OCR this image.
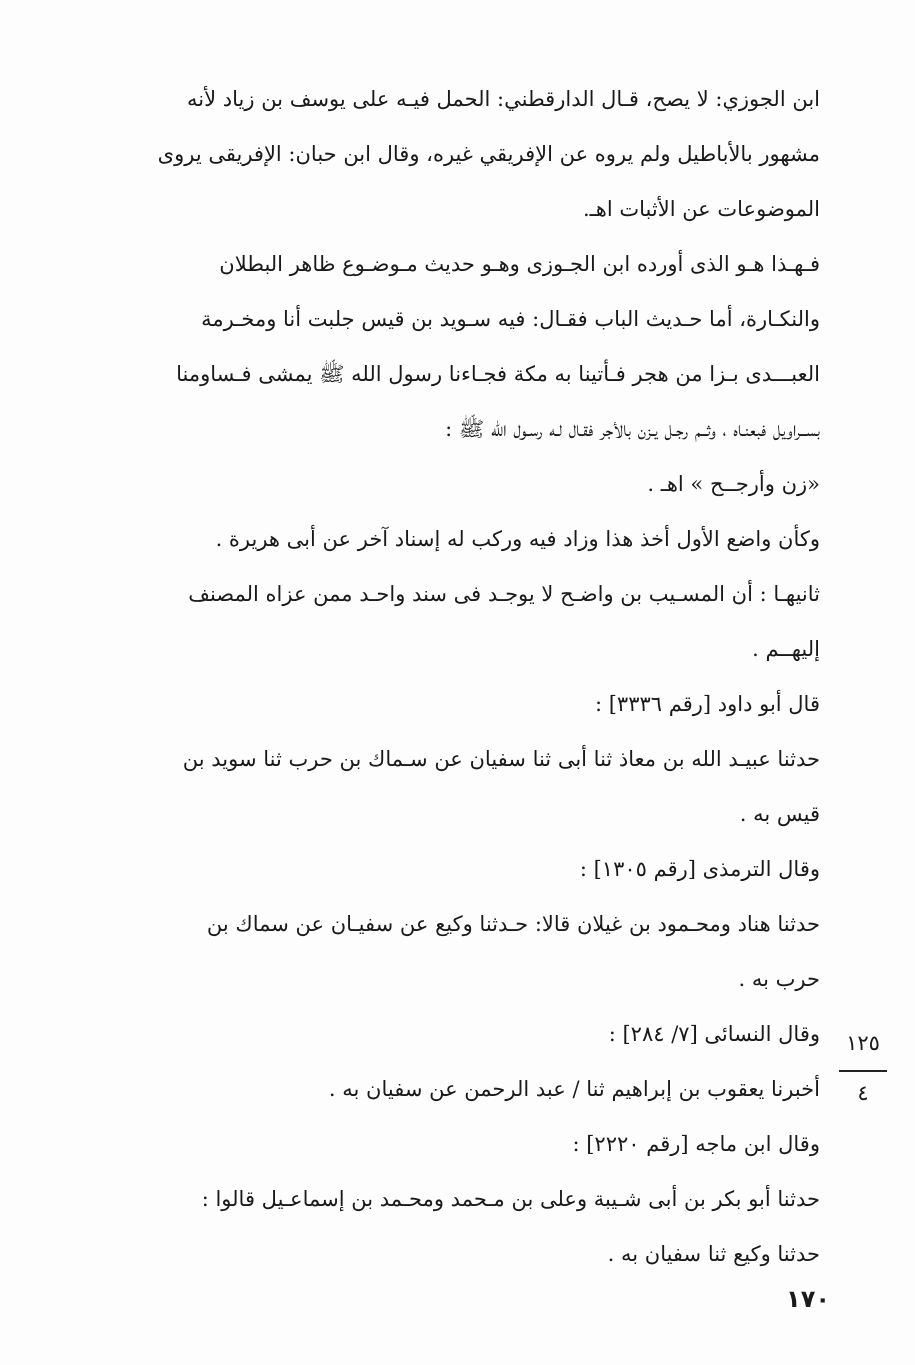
ابن الجوزي: لا يصح، قـال الدارقطني: الحمل فيـه على يوسف بن زياد لأنه
مشهور بالأباطيل ولم يروه عن الإفريقي غيره، وقال ابن حبان: الإفريقى يروى
الموضوعات عن الأثبات اهـ.
فـهـذا هـو الذى أورده ابن الجـوزى وهـو حديث مـوضـوع ظاهر البطلان
والنكـارة، أما حـديث الباب فقـال: فيه سـويد بن قيس جلبت أنا ومخـرمة
العبـــدى بـزا من هجر فـأتينا به مكة فجـاءنا رسول الله ﷺ يمشى فـساومنا
بســراويل فبعنـاه ، وثــم رجـل يـزن بالأجر فقـال لـه رسـول الله ﷺ :
«زن وأرجــح » اهـ .
وكأن واضع الأول أخذ هذا وزاد فيه وركب له إسناد آخر عن أبى هريرة .
ثانيهـا : أن المسـيب بن واضـح لا يوجـد فى سند واحـد ممن عزاه المصنف
إليهــم .
قال أبو داود [رقم ٣٣٣٦] :
حدثنا عبيـد الله بن معاذ ثنا أبى ثنا سفيان عن سـماك بن حرب ثنا سويد بن
قيس به .
وقال الترمذى [رقم ١٣٠٥] :
حدثنا هناد ومحـمود بن غيلان قالا: حـدثنا وكيع عن سفيـان عن سماك بن
حرب به .
وقال النسائى [٧/ ٢٨٤] :
أخبرنا يعقوب بن إبراهيم ثنا / عبد الرحمن عن سفيان به .
وقال ابن ماجه [رقم ٢٢٢٠] :
حدثنا أبو بكر بن أبى شـيبة وعلى بن مـحمد ومحـمد بن إسماعـيل قالوا :
حدثنا وكيع ثنا سفيان به .
١٢٥
٤
١٧٠
